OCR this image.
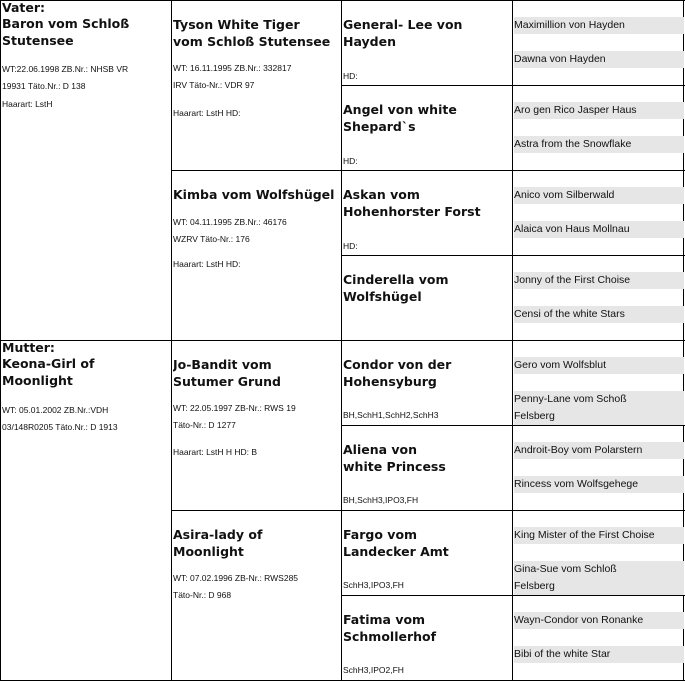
Vater:
Baron vom Schloß
Stutensee
WT:22.06.1998 ZB.Nr.: NHSB VR
19931 Täto.Nr.: D 138
Haarart: LstH
Mutter:
Keona-Girl of
Moonlight
WT: 05.01.2002 ZB.Nr.:VDH
03/148R0205 Täto.Nr.: D 1913
Tyson White Tiger
vom Schloß Stutensee
WT: 16.11.1995 ZB.Nr.: 332817
IRV Täto-Nr.: VDR 97
Haarart: LstH HD:
Kimba vom Wolfshügel
WT: 04.11.1995 ZB.Nr.: 46176
WZRV Täto-Nr.: 176
Haarart: LstH HD:
Jo-Bandit vom
Sutumer Grund
WT: 22.05.1997 ZB-Nr.: RWS 19
Täto-Nr.: D 1277
Haarart: LstH H HD: B
Asira-lady of
Moonlight
WT: 07.02.1996 ZB-Nr.: RWS285
Täto-Nr.: D 968
General- Lee von
Hayden
HD:
Angel von white
Shepard`s
HD:
Askan vom
Hohenhorster Forst
HD:
Cinderella vom
Wolfshügel
Condor von der
Hohensyburg
BH,SchH1,SchH2,SchH3
Aliena von
white Princess
BH,SchH3,IPO3,FH
Fargo vom
Landecker Amt
SchH3,IPO3,FH
Fatima vom
Schmollerhof
SchH3,IPO2,FH
Maximillion von Hayden
Dawna von Hayden
Aro gen Rico Jasper Haus
Astra from the Snowflake
Anico vom Silberwald
Alaica von Haus Mollnau
Jonny of the First Choise
Censi of the white Stars
Gero vom Wolfsblut
Penny-Lane vom Schoß
Felsberg
Androit-Boy vom Polarstern
Rincess vom Wolfsgehege
King Mister of the First Choise
Gina-Sue vom Schloß
Felsberg
Wayn-Condor von Ronanke
Bibi of the white Star
